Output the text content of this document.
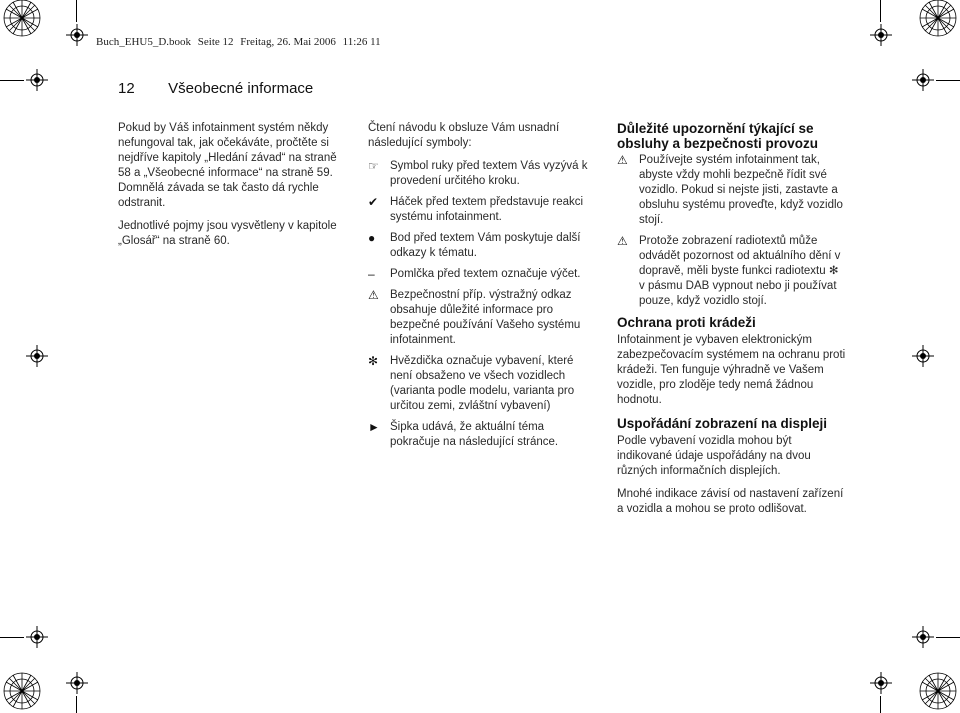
Buch_EHU5_D.book Seite 12 Freitag, 26. Mai 2006 11:26 11
12 Všeobecné informace

Pokud by Váš infotainment systém někdy nefungoval tak, jak očekáváte, pročtěte si nejdříve kapitoly „Hledání závad“ na straně 58 a „Všeobecné informace“ na straně 59. Domnělá závada se tak často dá rychle odstranit.

Jednotlivé pojmy jsou vysvětleny v kapitole „Glosář“ na straně 60.

Čtení návodu k obsluze Vám usnadní následující symboly:

☞ Symbol ruky před textem Vás vyzývá k provedení určitého kroku.
✔	Háček před textem představuje reakci systému infotainment.
●	Bod před textem Vám poskytuje další odkazy k tématu.
–	Pomlčka před textem označuje výčet.
⚠ Bezpečnostní příp. výstražný odkaz obsahuje důležité informace pro bezpečné používání Vašeho systému infotainment.
✻	Hvězdička označuje vybavení, které není obsaženo ve všech vozidlech (varianta podle modelu, varianta pro určitou zemi, zvláštní vybavení)
► Šipka udává, že aktuální téma pokračuje na následující stránce.
Důležité upozornění týkající se obsluhy a bezpečnosti provozu
⚠ Používejte systém infotainment tak, abyste vždy mohli bezpečně řídit své vozidlo. Pokud si nejste jisti, zastavte a obsluhu systému proveďte, když vozidlo stojí.
⚠ Protože zobrazení radiotextů může odvádět pozornost od aktuálního dění v dopravě, měli byste funkci radiotextu ✻ v pásmu DAB vypnout nebo ji používat pouze, když vozidlo stojí.
Ochrana proti krádeži

Infotainment je vybaven elektronickým zabezpečovacím systémem na ochranu proti krádeži. Ten funguje výhradně ve Vašem vozidle, pro zloděje tedy nemá žádnou hodnotu.

Uspořádání zobrazení na displeji

Podle vybavení vozidla mohou být indikované údaje uspořádány na dvou různých informačních displejích.

Mnohé indikace závisí od nastavení zařízení a vozidla a mohou se proto odlišovat.
